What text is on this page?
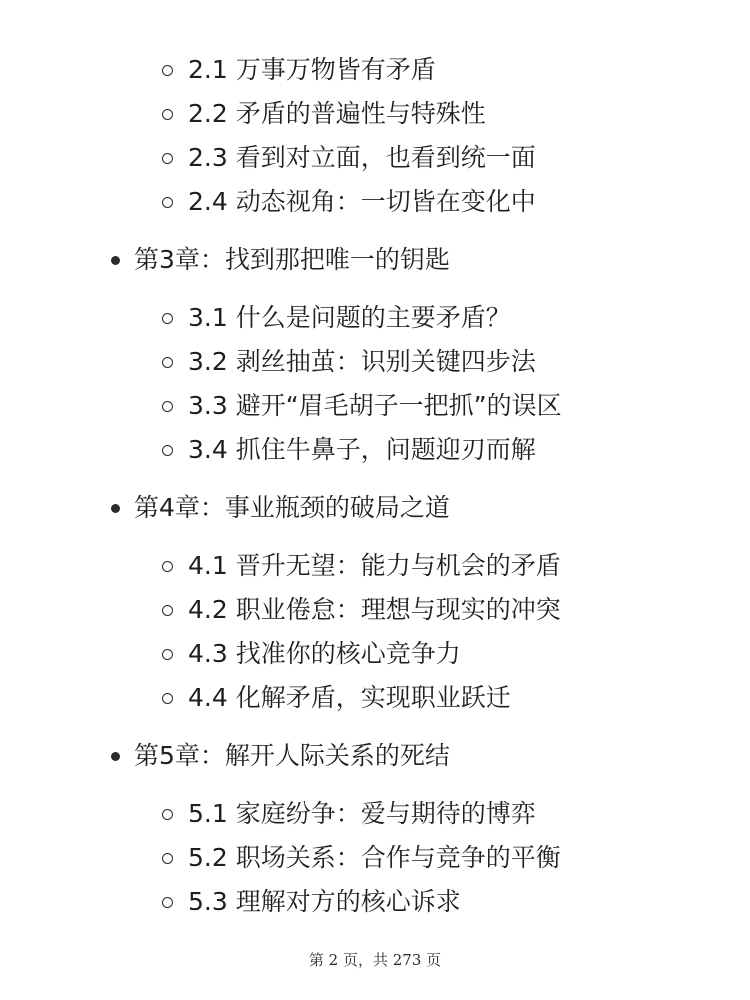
2.1 万事万物皆有矛盾
2.2 矛盾的普遍性与特殊性
2.3 看到对立面，也看到统一面
2.4 动态视角：一切皆在变化中
第3章：找到那把唯一的钥匙
3.1 什么是问题的主要矛盾？
3.2 剥丝抽茧：识别关键四步法
3.3 避开“眉毛胡子一把抓”的误区
3.4 抓住牛鼻子，问题迎刃而解
第4章：事业瓶颈的破局之道
4.1 晋升无望：能力与机会的矛盾
4.2 职业倦怠：理想与现实的冲突
4.3 找准你的核心竞争力
4.4 化解矛盾，实现职业跃迁
第5章：解开人际关系的死结
5.1 家庭纷争：爱与期待的博弈
5.2 职场关系：合作与竞争的平衡
5.3 理解对方的核心诉求
第 2 页，共 273 页
